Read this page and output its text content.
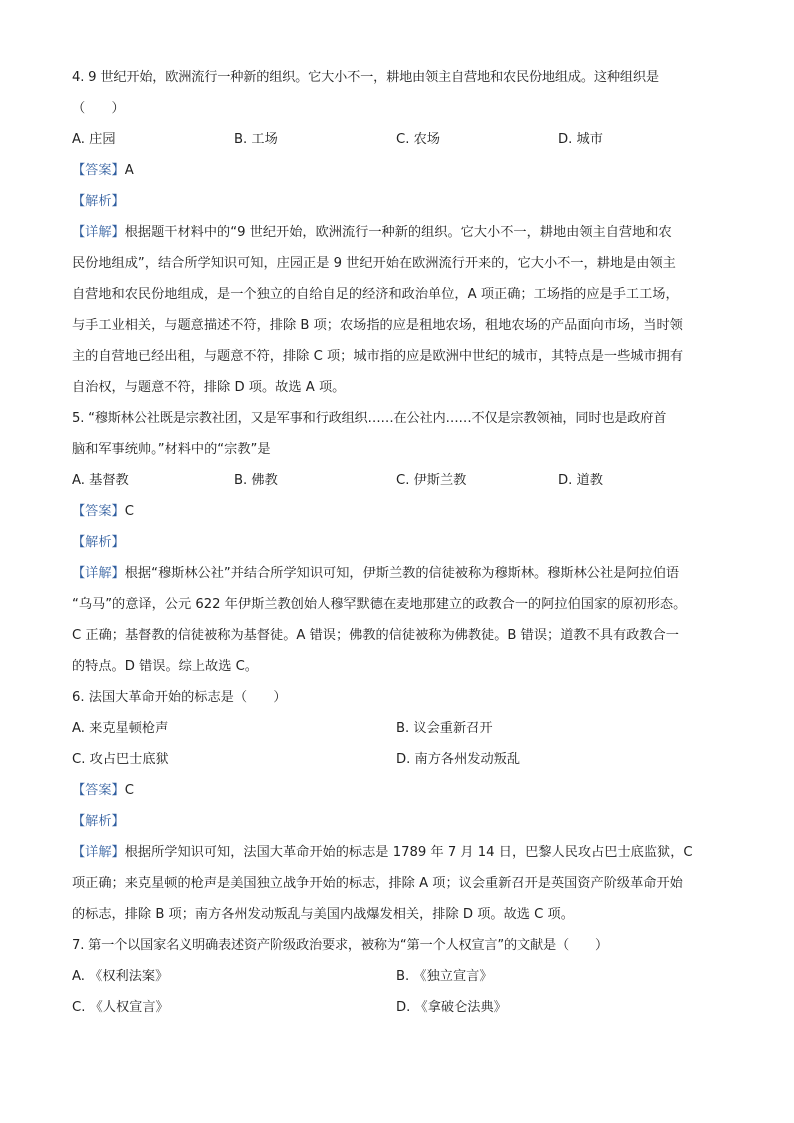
4. 9 世纪开始，欧洲流行一种新的组织。它大小不一，耕地由领主自营地和农民份地组成。这种组织是
（　　）
A. 庄园	B. 工场	C. 农场	D. 城市
【答案】A
【解析】
【详解】根据题干材料中的“9 世纪开始，欧洲流行一种新的组织。它大小不一，耕地由领主自营地和农
民份地组成”，结合所学知识可知，庄园正是 9 世纪开始在欧洲流行开来的，它大小不一，耕地是由领主
自营地和农民份地组成，是一个独立的自给自足的经济和政治单位，A 项正确；工场指的应是手工工场，
与手工业相关，与题意描述不符，排除 B 项；农场指的应是租地农场，租地农场的产品面向市场，当时领
主的自营地已经出租，与题意不符，排除 C 项；城市指的应是欧洲中世纪的城市，其特点是一些城市拥有
自治权，与题意不符，排除 D 项。故选 A 项。
5. “穆斯林公社既是宗教社团，又是军事和行政组织……在公社内……不仅是宗教领袖，同时也是政府首
脑和军事统帅。”材料中的“宗教”是
A. 基督教	B. 佛教	C. 伊斯兰教	D. 道教
【答案】C
【解析】
【详解】根据“穆斯林公社”并结合所学知识可知，伊斯兰教的信徒被称为穆斯林。穆斯林公社是阿拉伯语
“乌马”的意译，公元 622 年伊斯兰教创始人穆罕默德在麦地那建立的政教合一的阿拉伯国家的原初形态。
C 正确；基督教的信徒被称为基督徒。A 错误；佛教的信徒被称为佛教徒。B 错误；道教不具有政教合一
的特点。D 错误。综上故选 C。
6. 法国大革命开始的标志是（　　）
A. 来克星顿枪声	B. 议会重新召开
C. 攻占巴士底狱	D. 南方各州发动叛乱
【答案】C
【解析】
【详解】根据所学知识可知，法国大革命开始的标志是 1789 年 7 月 14 日，巴黎人民攻占巴士底监狱，C
项正确；来克星顿的枪声是美国独立战争开始的标志，排除 A 项；议会重新召开是英国资产阶级革命开始
的标志，排除 B 项；南方各州发动叛乱与美国内战爆发相关，排除 D 项。故选 C 项。
7. 第一个以国家名义明确表述资产阶级政治要求，被称为“第一个人权宣言”的文献是（　　）
A. 《权利法案》	B. 《独立宣言》
C. 《人权宣言》	D. 《拿破仑法典》
